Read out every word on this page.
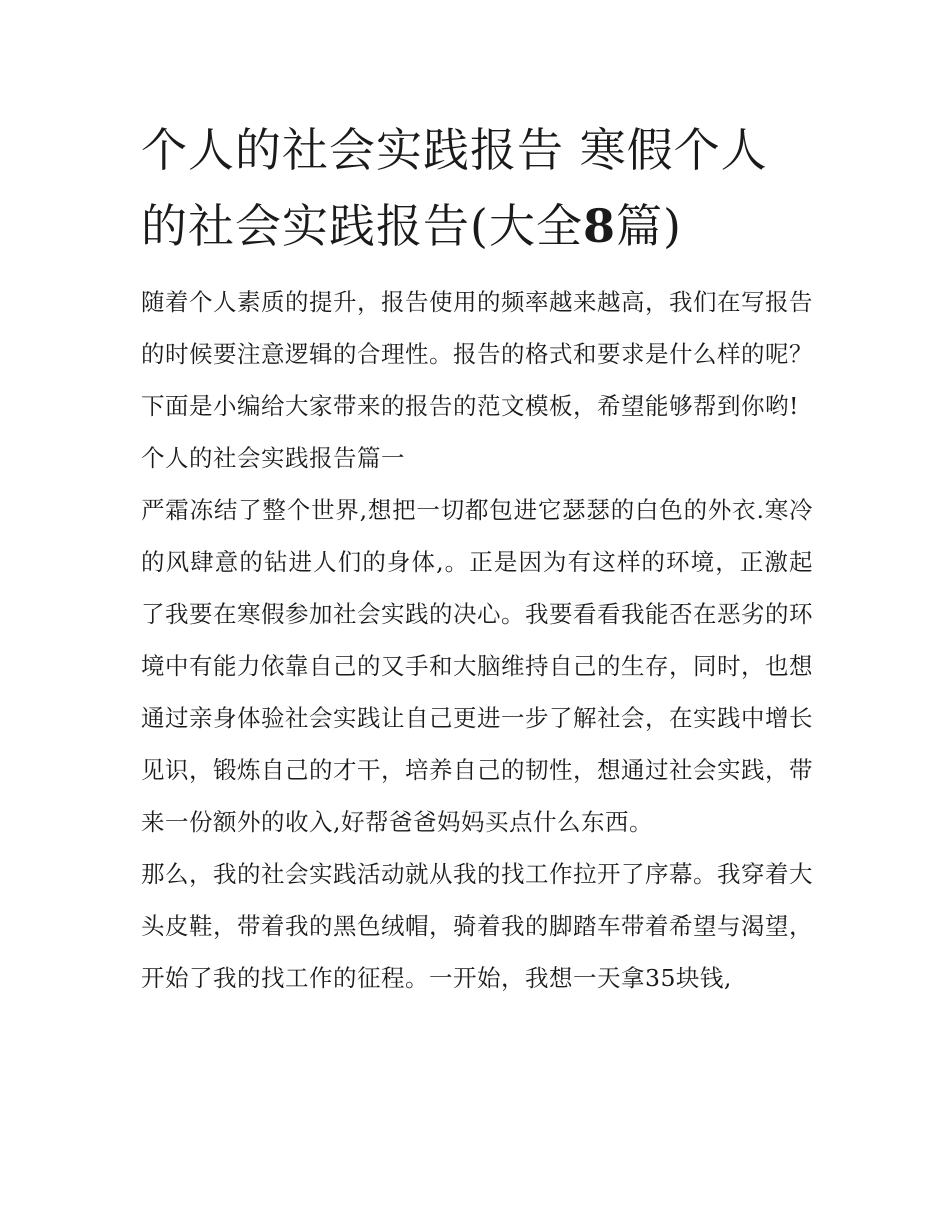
个人的社会实践报告 寒假个人
的社会实践报告(大全8篇)

随着个人素质的提升，报告使用的频率越来越高，我们在写报告的时候要注意逻辑的合理性。报告的格式和要求是什么样的呢？下面是小编给大家带来的报告的范文模板，希望能够帮到你哟!

个人的社会实践报告篇一

严霜冻结了整个世界,想把一切都包进它瑟瑟的白色的外衣.寒冷的风肆意的钻进人们的身体,。正是因为有这样的环境，正激起了我要在寒假参加社会实践的决心。我要看看我能否在恶劣的环境中有能力依靠自己的又手和大脑维持自己的生存，同时，也想通过亲身体验社会实践让自己更进一步了解社会，在实践中增长见识，锻炼自己的才干，培养自己的韧性，想通过社会实践，带来一份额外的收入,好帮爸爸妈妈买点什么东西。

那么，我的社会实践活动就从我的找工作拉开了序幕。我穿着大头皮鞋，带着我的黑色绒帽，骑着我的脚踏车带着希望与渴望，开始了我的找工作的征程。一开始，我想一天拿35块钱,
